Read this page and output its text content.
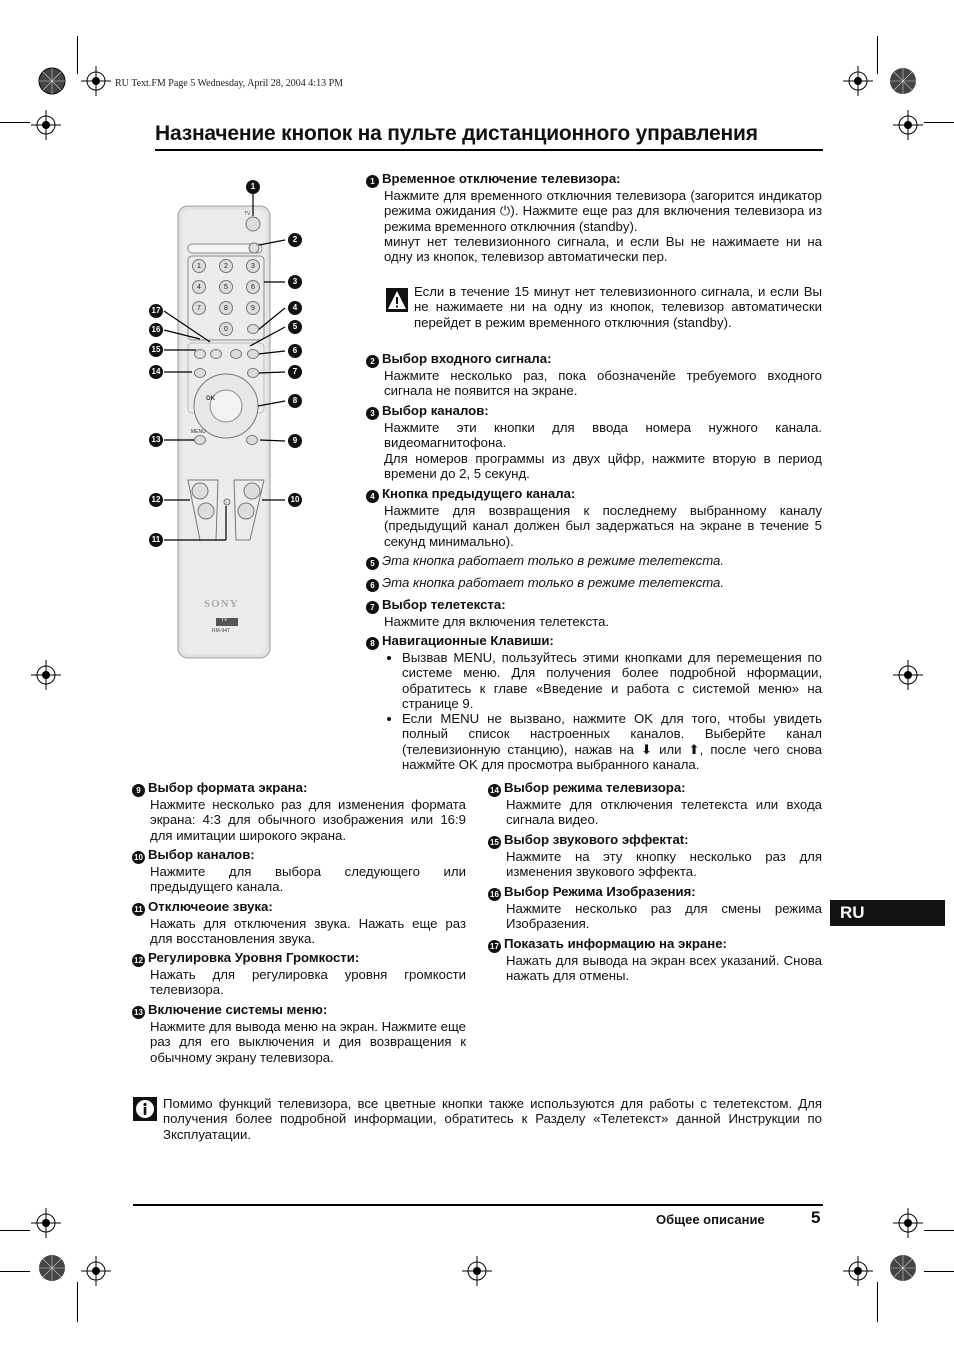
RU Text.FM Page 5 Wednesday, April 28, 2004 4:13 PM
Назначение кнопок на пульте дистанционного управления
TV
OK
MENU
SONY
TV
RM-947
1	2	3
4	5	6
7	8	9
0
1
2
3
4
5
6
7
8
9
10
11
12
13
14
15
16
17
1 Временное отключение телевизора:
Нажмите для временного отключния телевизора (загорится индикатор режима ожидания ⏻). Нажмите еще раз для включения телевизора из режима временного отключния (standby).
минут нет телевизионного сигнала, и если Вы не нажимаете ни на одну из кнопок, телевизор автоматически пер.
Если в течение 15 минут нет телевизионного сигнала, и если Вы не нажимаете ни на одну из кнопок, телевизор автоматически перейдет в режим временного отключния (standby).
2 Выбор входного сигнала:
Нажмите несколько раз, пока обозначенйе требуемого входного сигнала не появится на экране.
3 Выбор каналов:
Нажмите эти кнопки для ввода номера нужного канала. видеомагнитофона.
Для номеров программы из двух цйфр, нажмите вторую в период времени до 2, 5 секунд.
4 Кнопка предыдущего канала:
Нажмите для возвращения к последнему выбранному каналу (предыдущий канал должен был задержаться на экране в течение 5 секунд минимально).
5 Эта кнопка работает только в режиме телетекста.
6 Эта кнопка работает только в режиме телетекста.
7 Выбор телетекста:
Нажмите для включения телетекста.
8 Навигационные Клавиши:
• Вызвав MENU, пользуйтесь этими кнопками для перемещения по системе меню. Для получения более подробной нформации, обратитесь к главе «Введение и работа с системой меню» на странице 9.
• Если MENU не вызвано, нажмите OK для того, чтобы увидеть полный список настроенных каналов. Выберйте канал (телевизионную станцию), нажав на ⬇ или ⬆, после чего снова нажмйте OK для просмотра выбранного канала.
9 Выбор формата экрана:
Нажмите несколько раз для изменения формата экрана: 4:3 для обычного изображения или 16:9 для имитации широкого экрана.
10 Выбор каналов:
Нажмите для выбора следующего или предыдущего канала.
11 Отключеоие звука:
Нажать для отключения звука. Нажать еще раз для восстановления звука.
12 Регулировка Уровня Громкости:
Нажать для регулировка уровня громкости телевизора.
13 Включение системы меню:
Нажмите для вывода меню на экран. Нажмите еще раз для его выключения и дия возвращения к обычному экрану телевизора.
14 Выбор режима телевизора:
Нажмите для отключения телетекста или входа сигнала видео.
15 Выбор звукового эффектat:
Нажмите на эту кнопку несколько раз для изменения звукового эффекта.
16 Выбор Режима Изобразения:
Нажмите несколько раз для смены режима Изобразения.
17 Показать информацию на экране:
Нажать для вывода на экран всех указаний. Снова нажать для отмены.
RU
Помимо функций телевизора, все цветные кнопки также используются для работы с телетекстом. Для получения более подробной информации, обратитесь к Разделу «Телетекст» данной Инструкции по Зксплуатации.
Общее описание	5
